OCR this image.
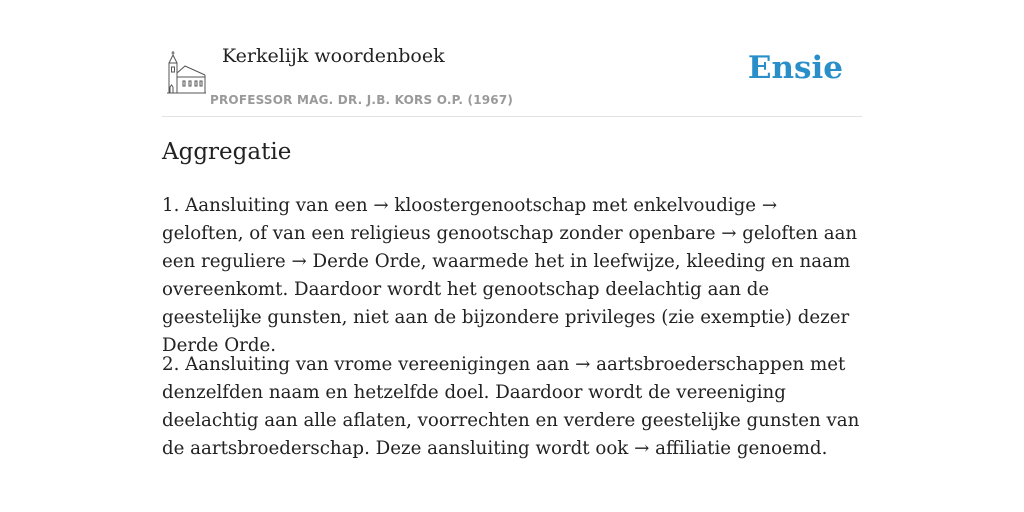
Kerkelijk woordenboek
PROFESSOR MAG. DR. J.B. KORS O.P. (1967)
Ensie
Aggregatie

1. Aansluiting van een → kloostergenootschap met enkelvoudige → geloften, of van een religieus genootschap zonder openbare → geloften aan een reguliere → Derde Orde, waarmede het in leefwijze, kleeding en naam overeenkomt. Daardoor wordt het genootschap deelachtig aan de geestelijke gunsten, niet aan de bijzondere privileges (zie exemptie) dezer Derde Orde.

2. Aansluiting van vrome vereenigingen aan → aartsbroederschappen met denzelfden naam en hetzelfde doel. Daardoor wordt de vereeniging deelachtig aan alle aflaten, voorrechten en verdere geestelijke gunsten van de aartsbroederschap. Deze aansluiting wordt ook → affiliatie genoemd.
